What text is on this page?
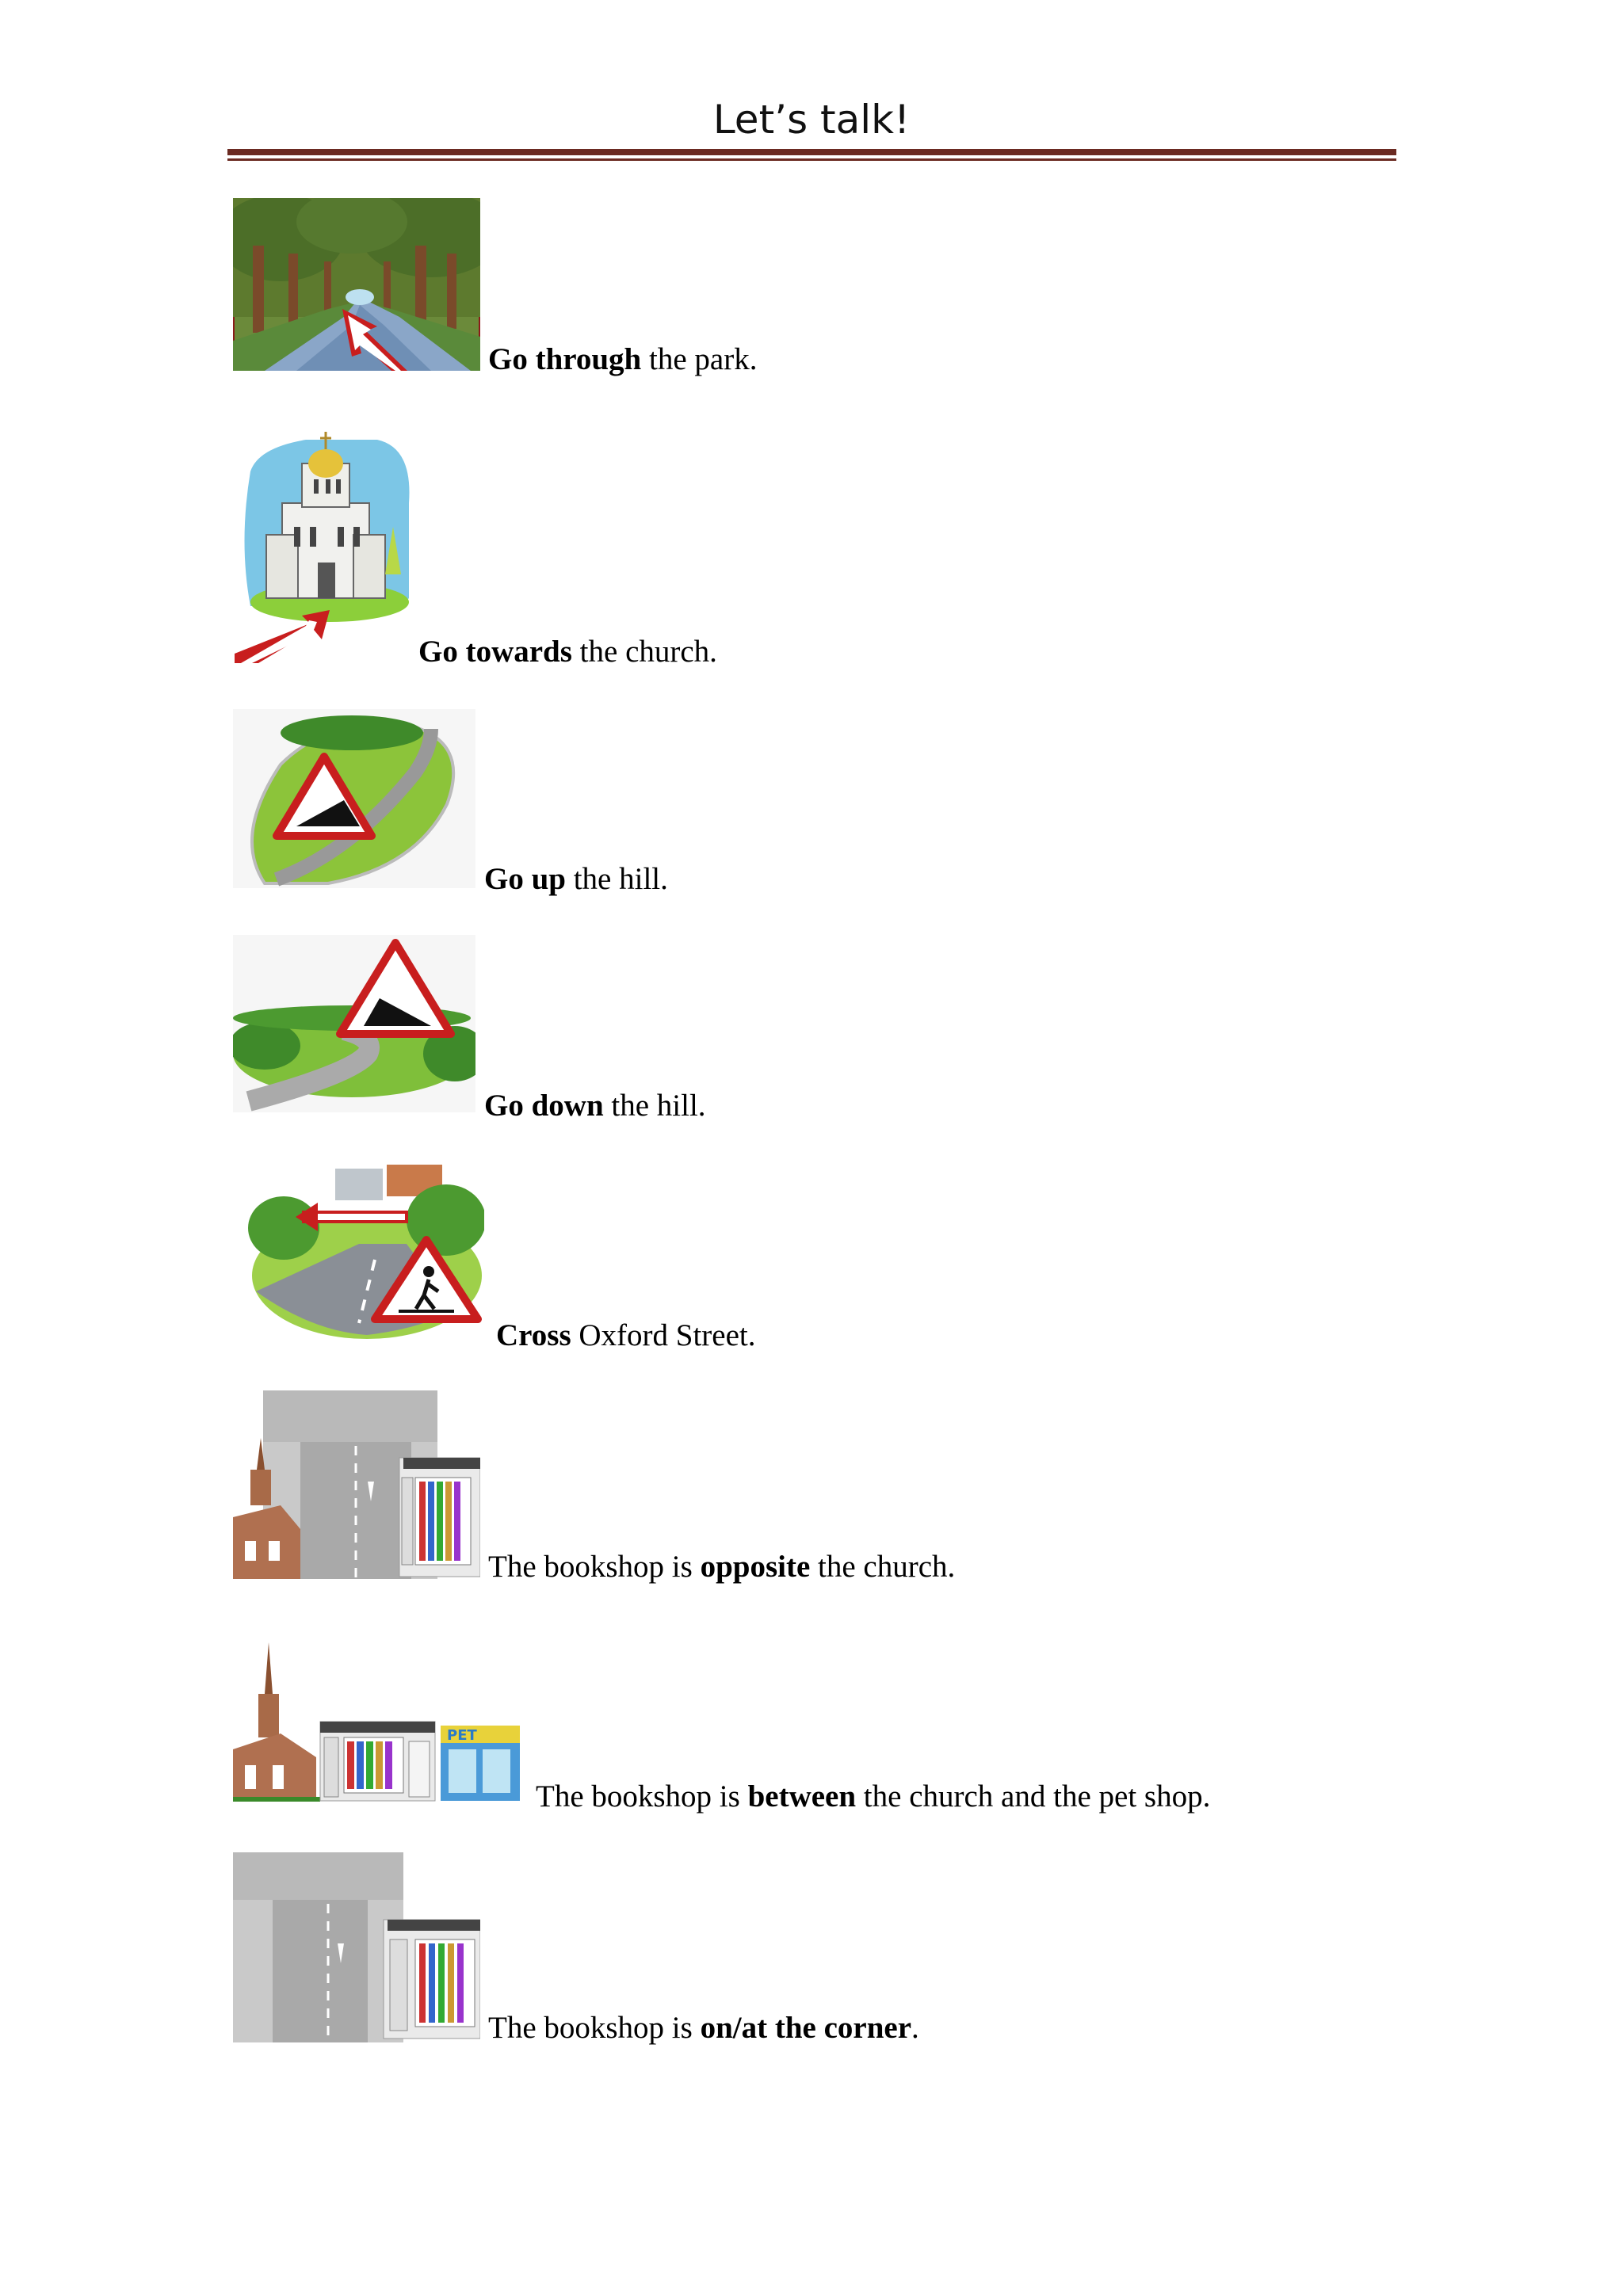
Let’s talk!
Go through the park.
Go towards the church.
Go up the hill.
Go down the hill.
Cross Oxford Street.
The bookshop is opposite the church.
PET
The bookshop is between the church and the pet shop.
The bookshop is on/at the corner.
